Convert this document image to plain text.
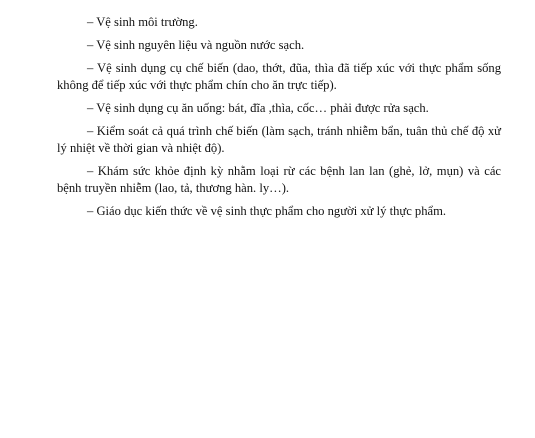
– Vệ sinh môi trường.

– Vệ sinh nguyên liệu và nguồn nước sạch.

– Vệ sinh dụng cụ chế biến (dao, thớt, đũa, thìa đã tiếp xúc với thực phẩm sống không để tiếp xúc với thực phẩm chín cho ăn trực tiếp).

– Vệ sinh dụng cụ ăn uống: bát, đĩa ,thìa, cốc… phải được rửa sạch.

– Kiểm soát cả quá trình chế biến (làm sạch, tránh nhiễm bẩn, tuân thủ chế độ xử lý nhiệt về thời gian và nhiệt độ).

– Khám sức khỏe định kỳ nhằm loại rừ các bệnh lan lan (ghẻ, lở, mụn) và các bệnh truyền nhiễm (lao, tả, thương hàn. ly…).

– Giáo dục kiến thức về vệ sinh thực phẩm cho người xử lý thực phẩm.
